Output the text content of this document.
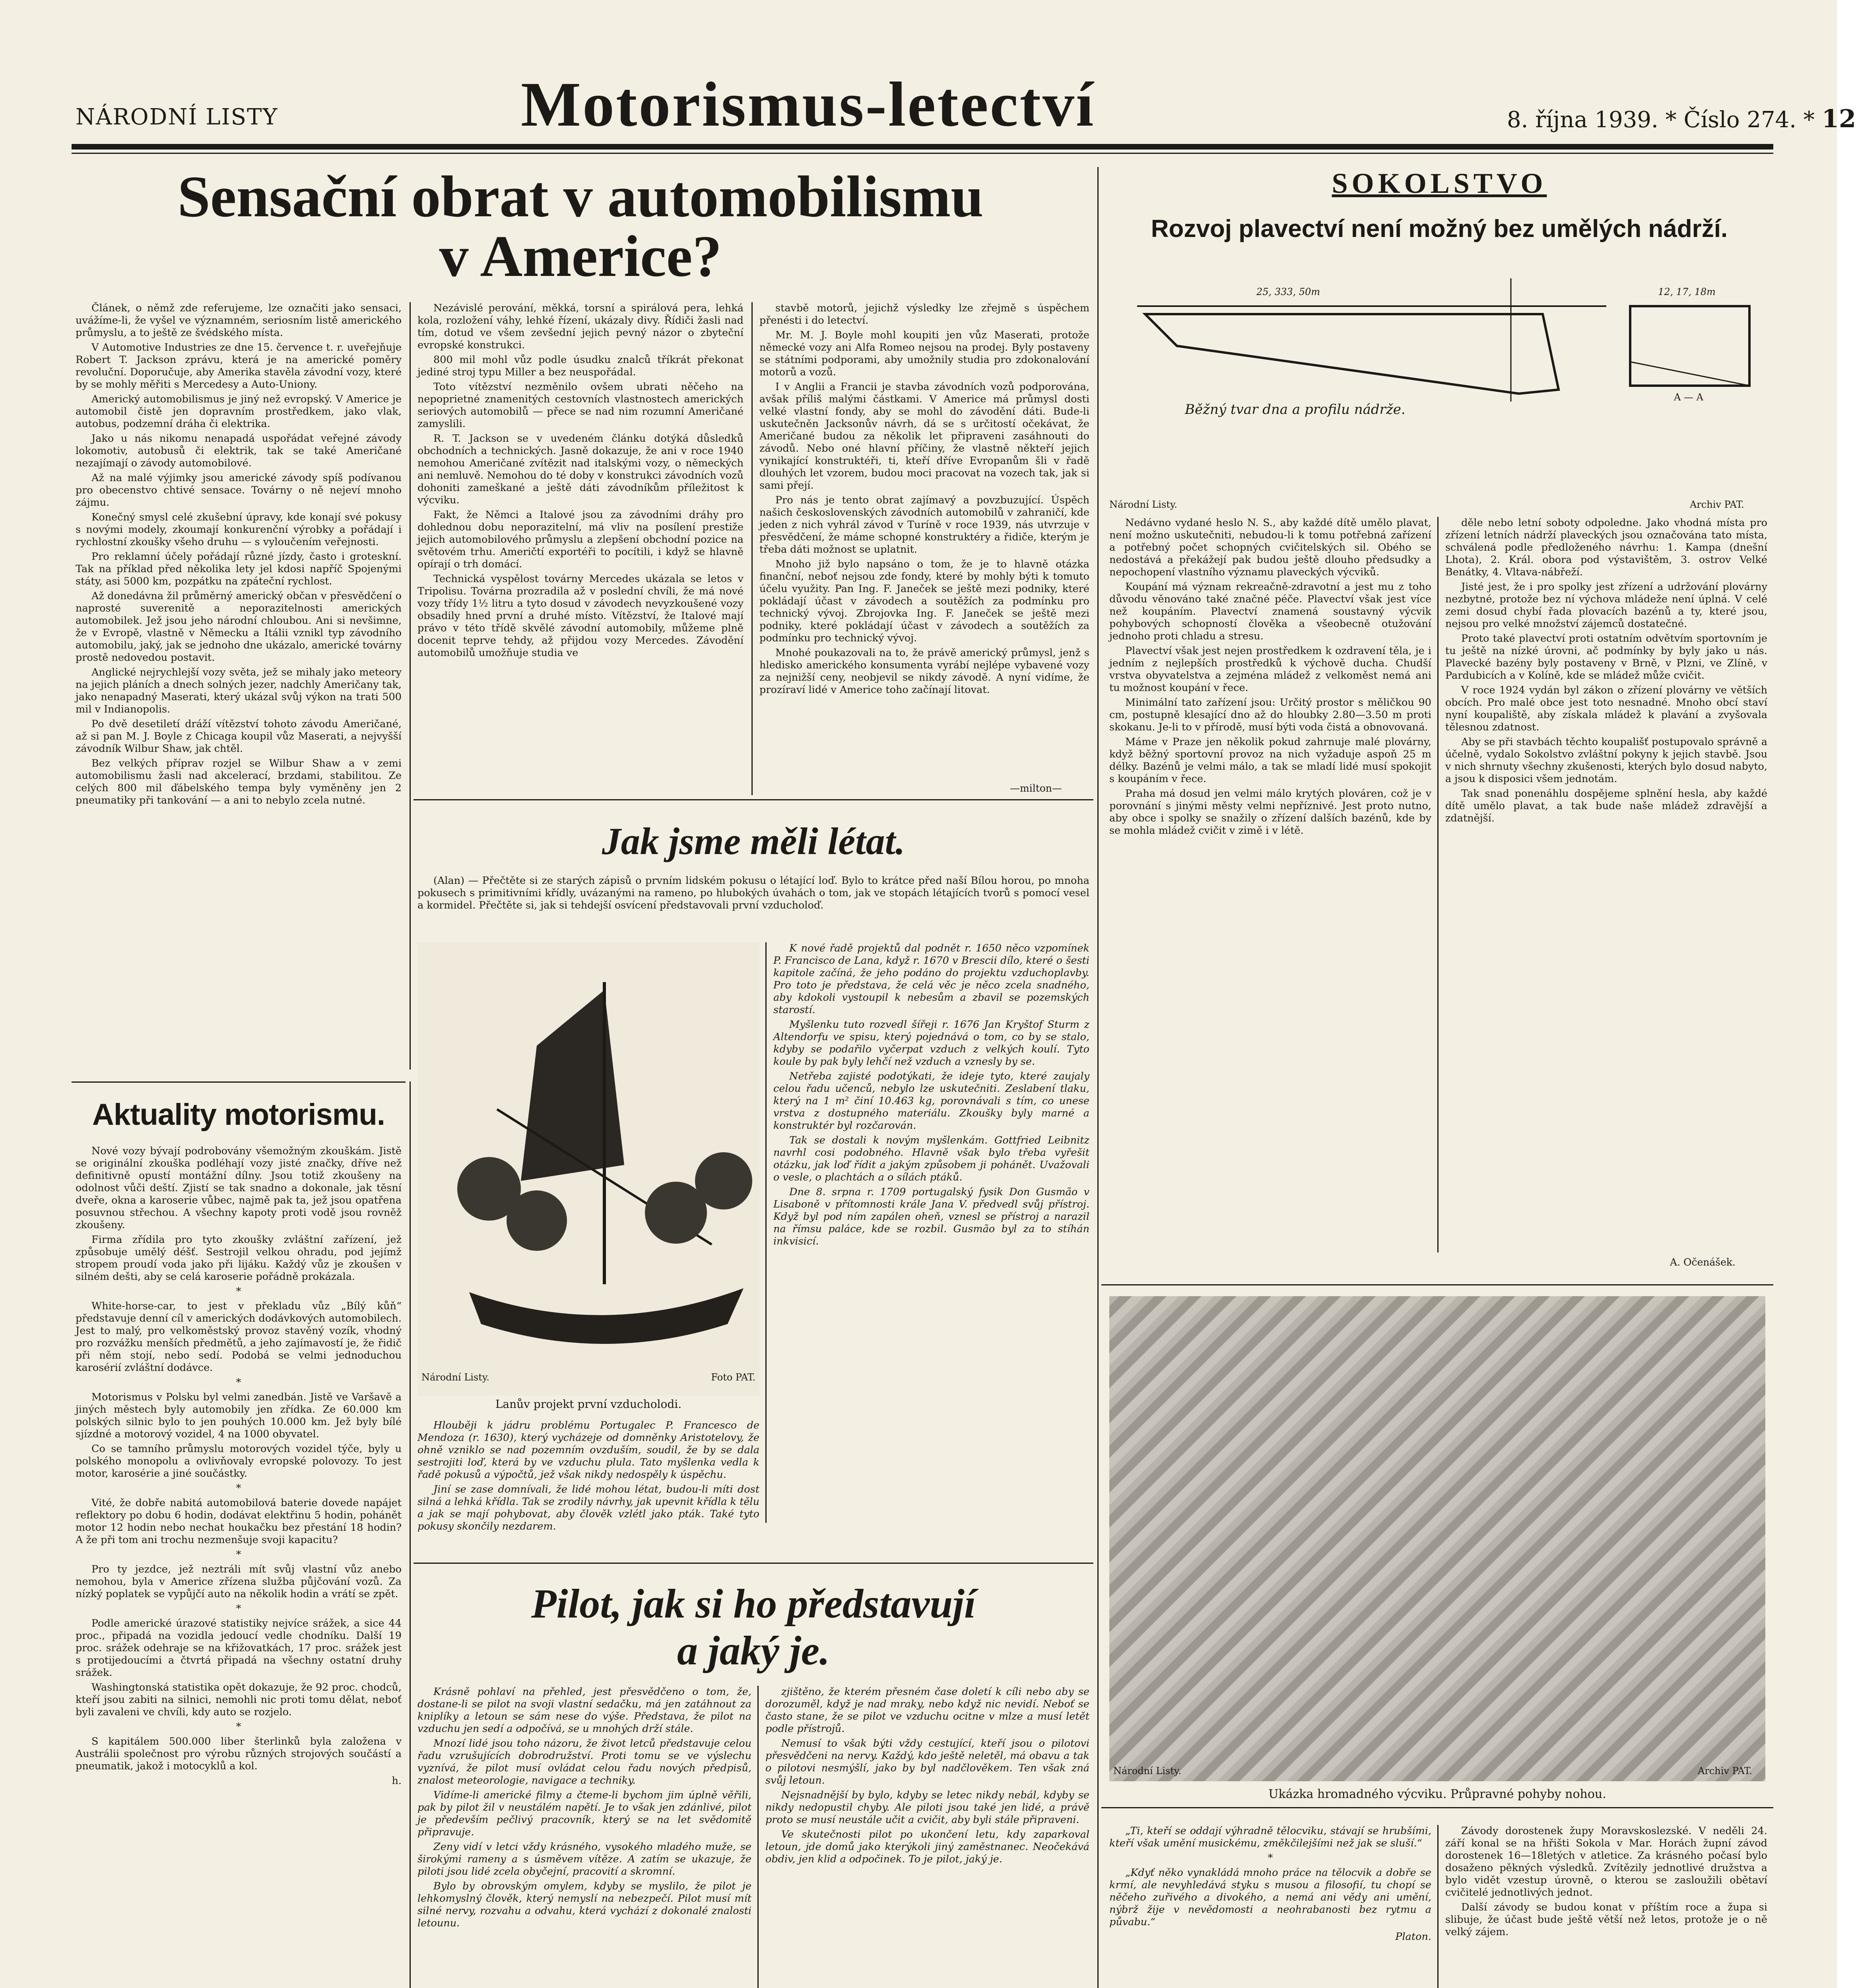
NÁRODNÍ LISTY	Motorismus-letectví	8. října 1939. * Číslo 274. * 12
Sensační obrat v automobilismu
v Americe?

Článek, o němž zde referujeme, lze označiti jako sensaci, uvážíme-li, že vyšel ve významném, seriosním listě amerického průmyslu, a to ještě ze švédského místa.

V Automotive Industries ze dne 15. července t. r. uveřejňuje Robert T. Jackson zprávu, která je na americké poměry revoluční. Doporučuje, aby Amerika stavěla závodní vozy, které by se mohly měřiti s Mercedesy a Auto-Uniony.

Americký automobilismus je jiný než evropský. V Americe je automobil čistě jen dopravním prostředkem, jako vlak, autobus, podzemní dráha či elektrika.

Jako u nás nikomu nenapadá uspořádat veřejné závody lokomotiv, autobusů či elektrik, tak se také Američané nezajímají o závody automobilové.

Až na malé výjimky jsou americké závody spíš podívanou pro obecenstvo chtivé sensace. Továrny o ně nejeví mnoho zájmu.

Konečný smysl celé zkušební úpravy, kde konají své pokusy s novými modely, zkoumají konkurenční výrobky a pořádají i rychlostní zkoušky všeho druhu — s vyloučením veřejnosti.

Pro reklamní účely pořádají různé jízdy, často i groteskní. Tak na příklad před několika lety jel kdosi napříč Spojenými státy, asi 5000 km, pozpátku na zpáteční rychlost.

Až donedávna žil průměrný americký občan v přesvědčení o naprosté suverenitě a neporazitelnosti amerických automobilek. Jež jsou jeho národní chloubou. Ani si nevšimne, že v Evropě, vlastně v Německu a Itálii vznikl typ závodního automobilu, jaký, jak se jednoho dne ukázalo, americké továrny prostě nedovedou postavit.

Anglické nejrychlejší vozy světa, jež se mihaly jako meteory na jejich pláních a dnech solných jezer, nadchly Američany tak, jako nenapadný Maserati, který ukázal svůj výkon na trati 500 mil v Indianopolis.

Po dvě desetiletí dráží vítězství tohoto závodu Američané, až si pan M. J. Boyle z Chicaga koupil vůz Maserati, a nejvyšší závodník Wilbur Shaw, jak chtěl.

Bez velkých příprav rozjel se Wilbur Shaw a v zemi automobilismu žasli nad akcelerací, brzdami, stabilitou. Ze celých 800 mil ďábelského tempa byly vyměněny jen 2 pneumatiky při tankování — a ani to nebylo zcela nutné.

Nezávislé perování, měkká, torsní a spirálová pera, lehká kola, rozložení váhy, lehké řízení, ukázaly divy. Řídiči žasli nad tím, dotud ve všem zevšední jejich pevný názor o zbyteční evropské konstrukci.

800 mil mohl vůz podle úsudku znalců tříkrát překonat jediné stroj typu Miller a bez neuspořádal.

Toto vítězství nezměnilo ovšem ubrati něčeho na nepoprietné znamenitých cestovních vlastnostech amerických seriových automobilů — přece se nad nim rozumní Američané zamyslili.

R. T. Jackson se v uvedeném článku dotýká důsledků obchodních a technických. Jasně dokazuje, že ani v roce 1940 nemohou Američané zvítězit nad italskými vozy, o německých ani nemluvě. Nemohou do té doby v konstrukci závodních vozů dohoniti zameškané a ještě dáti závodníkům příležitost k výcviku.

Fakt, že Němci a Italové jsou za závodními dráhy pro dohlednou dobu neporazitelní, má vliv na posílení prestiže jejich automobilového průmyslu a zlepšení obchodní pozice na světovém trhu. Američtí exportéři to pocítili, i když se hlavně opírají o trh domácí.

Technická vyspělost továrny Mercedes ukázala se letos v Tripolisu. Továrna prozradila až v poslední chvíli, že má nové vozy třídy 1½ litru a tyto dosud v závodech nevyzkoušené vozy obsadily hned první a druhé místo. Vítězství, že Italové mají právo v této třídě skvělé závodní automobily, můžeme plně docenit teprve tehdy, až přijdou vozy Mercedes. Závodění automobilů umožňuje studia ve

stavbě motorů, jejichž výsledky lze zřejmě s úspěchem přenésti i do letectví.

Mr. M. J. Boyle mohl koupiti jen vůz Maserati, protože německé vozy ani Alfa Romeo nejsou na prodej. Byly postaveny se státními podporami, aby umožnily studia pro zdokonalování motorů a vozů.

I v Anglii a Francii je stavba závodních vozů podporována, avšak příliš malými částkami. V Americe má průmysl dosti velké vlastní fondy, aby se mohl do závodění dáti. Bude-li uskutečněn Jacksonův návrh, dá se s určitostí očekávat, že Američané budou za několik let připraveni zasáhnouti do závodů. Nebo oné hlavní příčiny, že vlastně někteří jejich vynikající konstruktéři, ti, kteří dříve Evropanům šli v řadě dlouhých let vzorem, budou moci pracovat na vozech tak, jak si sami přejí.

Pro nás je tento obrat zajímavý a povzbuzující. Úspěch našich československých závodních automobilů v zahraničí, kde jeden z nich vyhrál závod v Turíně v roce 1939, nás utvrzuje v přesvědčení, že máme schopné konstruktéry a řidiče, kterým je třeba dáti možnost se uplatnit.

Mnoho již bylo napsáno o tom, že je to hlavně otázka finanční, neboť nejsou zde fondy, které by mohly býti k tomuto účelu využity. Pan Ing. F. Janeček se ještě mezi podniky, které pokládají účast v závodech a soutěžích za podmínku pro technický vývoj. Zbrojovka Ing. F. Janeček se ještě mezi podniky, které pokládají účast v závodech a soutěžích za podmínku pro technický vývoj.

Mnohé poukazovali na to, že právě americký průmysl, jenž s hledisko amerického konsumenta vyrábí nejlépe vybavené vozy za nejnižší ceny, neobjevil se nikdy závodě. A nyní vidíme, že prozíraví lidé v Americe toho začínají litovat.

—milton—
Jak jsme měli létat.

(Alan) — Přečtěte si ze starých zápisů o prvním lidském pokusu o létající loď. Bylo to krátce před naší Bílou horou, po mnoha pokusech s primitivními křídly, uvázanými na rameno, po hlubokých úvahách o tom, jak ve stopách létajících tvorů s pomocí vesel a kormidel. Přečtěte si, jak si tehdejší osvícení představovali první vzducholoď.

Národní Listy.	Foto PAT.
Lanův projekt první vzducholodi.

K nové řadě projektů dal podnět r. 1650 něco vzpomínek P. Francisco de Lana, když r. 1670 v Brescii dílo, které o šesti kapitole začíná, že jeho podáno do projektu vzduchoplavby. Pro toto je představa, že celá věc je něco zcela snadného, aby kdokoli vystoupil k nebesům a zbavil se pozemských starostí.

Myšlenku tuto rozvedl šířeji r. 1676 Jan Kryštof Sturm z Altendorfu ve spisu, který pojednává o tom, co by se stalo, kdyby se podařilo vyčerpat vzduch z velkých koulí. Tyto koule by pak byly lehčí než vzduch a vznesly by se.

Netřeba zajisté podotýkati, že ideje tyto, které zaujaly celou řadu učenců, nebylo lze uskutečniti. Zeslabení tlaku, který na 1 m² činí 10.463 kg, porovnávali s tím, co unese vrstva z dostupného materiálu. Zkoušky byly marné a konstruktér byl rozčarován.

Tak se dostali k novým myšlenkám. Gottfried Leibnitz navrhl cosi podobného. Hlavně však bylo třeba vyřešit otázku, jak loď řídit a jakým způsobem ji pohánět. Uvažovali o vesle, o plachtách a o sílách ptáků.

Dne 8. srpna r. 1709 portugalský fysik Don Gusmão v Lisaboně v přítomnosti krále Jana V. předvedl svůj přístroj. Když byl pod ním zapálen oheň, vznesl se přístroj a narazil na římsu paláce, kde se rozbil. Gusmão byl za to stíhán inkvisicí.

Hlouběji k jádru problému Portugalec P. Francesco de Mendoza (r. 1630), který vycházeje od domněnky Aristotelovy, že ohně vzniklo se nad pozemním ovzduším, soudil, že by se dala sestrojiti loď, která by ve vzduchu plula. Tato myšlenka vedla k řadě pokusů a výpočtů, jež však nikdy nedospěly k úspěchu.

Jiní se zase domnívali, že lidé mohou létat, budou-li míti dost silná a lehká křídla. Tak se zrodily návrhy, jak upevnit křídla k tělu a jak se mají pohybovat, aby člověk vzlétl jako pták. Také tyto pokusy skončily nezdarem.

Aktuality motorismu.

Nové vozy bývají podrobovány všemožným zkouškám. Jistě se originální zkouška podléhají vozy jisté značky, dříve než definitivně opustí montážní dílny. Jsou totiž zkoušeny na odolnost vůči deští. Zjistí se tak snadno a dokonale, jak těsní dveře, okna a karoserie vůbec, najmě pak ta, jež jsou opatřena posuvnou střechou. A všechny kapoty proti vodě jsou rovněž zkoušeny.

Firma zřídila pro tyto zkoušky zvláštní zařízení, jež způsobuje umělý déšť. Sestrojil velkou ohradu, pod jejímž stropem proudí voda jako při lijáku. Každý vůz je zkoušen v silném dešti, aby se celá karoserie pořádně prokázala.

*

White-horse-car, to jest v překladu vůz „Bílý kůň“ představuje denní cíl v amerických dodávkových automobilech. Jest to malý, pro velkoměstský provoz stavěný vozík, vhodný pro rozvážku menších předmětů, a jeho zajímavostí je, že řidič při něm stojí, nebo sedí. Podobá se velmi jednoduchou karosérií zvláštní dodávce.

*

Motorismus v Polsku byl velmi zanedbán. Jistě ve Varšavě a jiných městech byly automobily jen zřídka. Ze 60.000 km polských silnic bylo to jen pouhých 10.000 km. Jež byly bílé sjízdné a motorový vozidel, 4 na 1000 obyvatel.

Co se tamního průmyslu motorových vozidel týče, byly u polského monopolu a ovlivňovaly evropské polovozy. To jest motor, karosérie a jiné součástky.

*

Vité, že dobře nabitá automobilová baterie dovede napájet reflektory po dobu 6 hodin, dodávat elektřinu 5 hodin, pohánět motor 12 hodin nebo nechat houkačku bez přestání 18 hodin? A že při tom ani trochu nezmenšuje svoji kapacitu?

*

Pro ty jezdce, jež neztráli mít svůj vlastní vůz anebo nemohou, byla v Americe zřízena služba půjčování vozů. Za nízký poplatek se vypůjčí auto na několik hodin a vrátí se zpět.

*

Podle americké úrazové statistiky nejvíce srážek, a sice 44 proc., připadá na vozidla jedoucí vedle chodníku. Další 19 proc. srážek odehraje se na křižovatkách, 17 proc. srážek jest s protijedoucími a čtvrtá připadá na všechny ostatní druhy srážek.

Washingtonská statistika opět dokazuje, že 92 proc. chodců, kteří jsou zabiti na silnici, nemohli nic proti tomu dělat, neboť byli zavaleni ve chvíli, kdy auto se rozjelo.

*

S kapitálem 500.000 liber šterlinků byla založena v Austrálii společnost pro výrobu různých strojových součástí a pneumatik, jakož i motocyklů a kol.

h.

Pilot, jak si ho představují
a jaký je.

Krásně pohlaví na přehled, jest přesvědčeno o tom, že, dostane-li se pilot na svoji vlastní sedačku, má jen zatáhnout za kniplíky a letoun se sám nese do výše. Představa, že pilot na vzduchu jen sedí a odpočívá, se u mnohých drží stále.

Mnozí lidé jsou toho názoru, že život letců představuje celou řadu vzrušujících dobrodružství. Proti tomu se ve výslechu vyznívá, že pilot musí ovládat celou řadu nových předpisů, znalost meteorologie, navigace a techniky.

Vidíme-li americké filmy a čteme-li bychom jim úplně věřili, pak by pilot žil v neustálém napětí. Je to však jen zdánlivé, pilot je především pečlivý pracovník, který se na let svědomitě připravuje.

Zeny vidí v letci vždy krásného, vysokého mladého muže, se širokými rameny a s úsměvem vítěze. A zatím se ukazuje, že piloti jsou lidé zcela obyčejní, pracovití a skromní.

Bylo by obrovským omylem, kdyby se myslilo, že pilot je lehkomyslný člověk, který nemyslí na nebezpečí. Pilot musí mít silné nervy, rozvahu a odvahu, která vychází z dokonalé znalosti letounu.

zjištěno, že kterém přesném čase doletí k cíli nebo aby se dorozuměl, když je nad mraky, nebo když nic nevidí. Neboť se často stane, že se pilot ve vzduchu ocitne v mlze a musí letět podle přístrojů.

Nemusí to však býti vždy cestující, kteří jsou o pilotovi přesvědčeni na nervy. Každý, kdo ještě neletěl, má obavu a tak o pilotovi nesmýšlí, jako by byl nadčlověkem. Ten však zná svůj letoun.

Nejsnadnější by bylo, kdyby se letec nikdy nebál, kdyby se nikdy nedopustil chyby. Ale piloti jsou také jen lidé, a právě proto se musí neustále učit a cvičit, aby byli stále připraveni.

Ve skutečnosti pilot po ukončení letu, kdy zaparkoval letoun, jde domů jako kterýkoli jiný zaměstnanec. Neočekává obdiv, jen klid a odpočinek. To je pilot, jaký je.

SOKOLSTVO
Rozvoj plavectví není možný bez umělých nádrží.
25, 333, 50m	12, 17, 18m
A — A
Běžný tvar dna a profilu nádrže.
Národní Listy.	Archiv PAT.

Nedávno vydané heslo N. S., aby každé dítě umělo plavat, není možno uskutečniti, nebudou-li k tomu potřebná zařízení a potřebný počet schopných cvičitelských sil. Obého se nedostává a překážejí pak budou ještě dlouho předsudky a nepochopení vlastního významu plaveckých výcviků.

Koupání má význam rekreačně-zdravotní a jest mu z toho důvodu věnováno také značné péče. Plavectví však jest více než koupáním. Plavectví znamená soustavný výcvik pohybových schopností člověka a všeobecně otužování jednoho proti chladu a stresu.

Plavectví však jest nejen prostředkem k ozdravení těla, je i jedním z nejlepších prostředků k výchově ducha. Chudší vrstva obyvatelstva a zejména mládež z velkoměst nemá ani tu možnost koupání v řece.

Minimální tato zařízení jsou: Určitý prostor s měličkou 90 cm, postupně klesající dno až do hloubky 2.80—3.50 m proti skokanu. Je-li to v přírodě, musí býti voda čistá a obnovovaná.

Máme v Praze jen několik pokud zahrnuje malé plovárny, když běžný sportovní provoz na nich vyžaduje aspoň 25 m délky. Bazénů je velmi málo, a tak se mladí lidé musí spokojit s koupáním v řece.

Praha má dosud jen velmi málo krytých plováren, což je v porovnání s jinými městy velmi nepříznivé. Jest proto nutno, aby obce i spolky se snažily o zřízení dalších bazénů, kde by se mohla mládež cvičit v zimě i v létě.

děle nebo letní soboty odpoledne. Jako vhodná místa pro zřízení letních nádrží plaveckých jsou označována tato místa, schválená podle předloženého návrhu: 1. Kampa (dnešní Lhota), 2. Král. obora pod výstavištěm, 3. ostrov Velké Benátky, 4. Vltava-nábřeží.

Jisté jest, že i pro spolky jest zřízení a udržování plovárny nezbytné, protože bez ní výchova mládeže není úplná. V celé zemi dosud chybí řada plovacích bazénů a ty, které jsou, nejsou pro velké množství zájemců dostatečné.

Proto také plavectví proti ostatním odvětvím sportovním je tu ještě na nízké úrovni, ač podmínky by byly jako u nás. Plavecké bazény byly postaveny v Brně, v Plzni, ve Zlíně, v Pardubicích a v Kolíně, kde se mládež může cvičit.

V roce 1924 vydán byl zákon o zřízení plovárny ve větších obcích. Pro malé obce jest toto nesnadné. Mnoho obcí staví nyní koupaliště, aby získala mládež k plavání a zvyšovala tělesnou zdatnost.

Aby se při stavbách těchto koupališť postupovalo správně a účelně, vydalo Sokolstvo zvláštní pokyny k jejich stavbě. Jsou v nich shrnuty všechny zkušenosti, kterých bylo dosud nabyto, a jsou k disposici všem jednotám.

Tak snad ponenáhlu dospějeme splnění hesla, aby každé dítě umělo plavat, a tak bude naše mládež zdravější a zdatnější.

A. Očenášek.
Národní Listy.	Archiv PAT.
Ukázka hromadného výcviku. Průpravné pohyby nohou.

„Ti, kteří se oddají výhradně tělocviku, stávají se hrubšími, kteří však umění musickému, změkčilejšími než jak se sluší.“

*

„Kdyť něko vynakládá mnoho práce na tělocvik a dobře se krmí, ale nevyhledává styku s musou a filosofií, tu chopí se něčeho zuřivého a divokého, a nemá ani vědy ani umění, nýbrž žije v nevědomosti a neohrabanosti bez rytmu a půvabu.“

Platon.

Závody dorostenek župy Moravskoslezské. V neděli 24. září konal se na hřišti Sokola v Mar. Horách župní závod dorostenek 16—18letých v atletice. Za krásného počasí bylo dosaženo pěkných výsledků. Zvítězily jednotlivé družstva a bylo vidět vzestup úrovně, o kterou se zasloužili obětaví cvičitelé jednotlivých jednot.

Další závody se budou konat v příštím roce a župa si slibuje, že účast bude ještě větší než letos, protože je o ně velký zájem.
